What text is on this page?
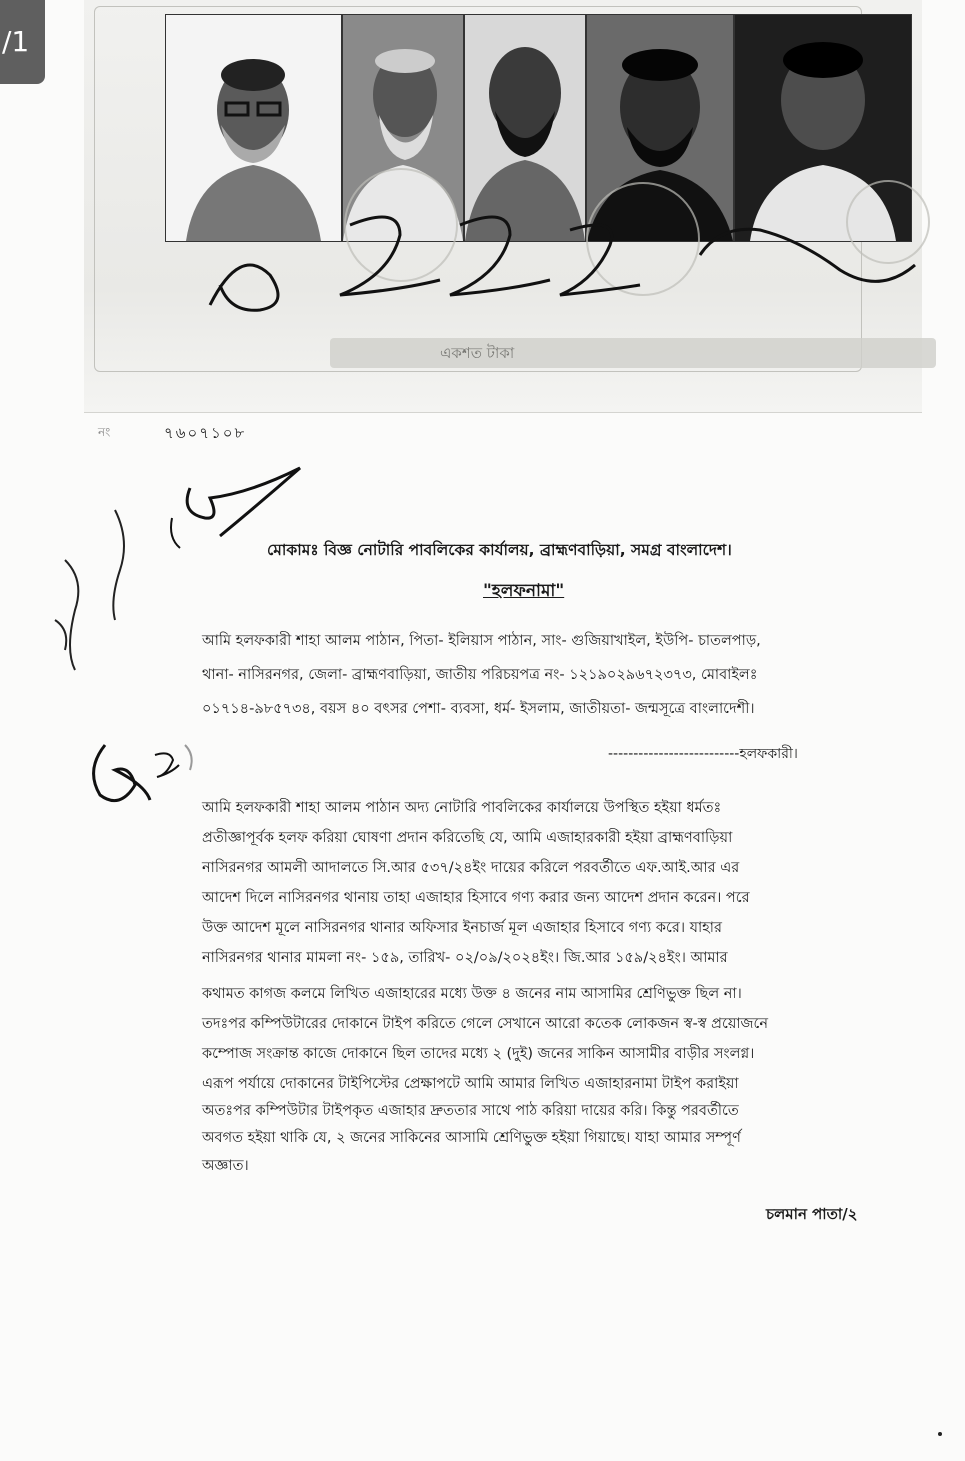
/1
একশত টাকা
নং	৭৬০৭১০৮
মোকামঃ বিজ্ঞ নোটারি পাবলিকের কার্যালয়, ব্রাহ্মণবাড়িয়া, সমগ্র বাংলাদেশ।
"হলফনামা"
আমি হলফকারী শাহা আলম পাঠান, পিতা- ইলিয়াস পাঠান, সাং- গুজিয়াখাইল, ইউপি- চাতলপাড়,
থানা- নাসিরনগর, জেলা- ব্রাহ্মণবাড়িয়া, জাতীয় পরিচয়পত্র নং- ১২১৯০২৯৬৭২৩৭৩, মোবাইলঃ
০১৭১৪-৯৮৫৭৩৪, বয়স ৪০ বৎসর পেশা- ব্যবসা, ধর্ম- ইসলাম, জাতীয়তা- জন্মসূত্রে বাংলাদেশী।
--------------------------হলফকারী।
আমি হলফকারী শাহা আলম পাঠান অদ্য নোটারি পাবলিকের কার্যালয়ে উপস্থিত হইয়া ধর্মতঃ
প্রতীজ্ঞাপূর্বক হলফ করিয়া ঘোষণা প্রদান করিতেছি যে, আমি এজাহারকারী হইয়া ব্রাহ্মণবাড়িয়া
নাসিরনগর আমলী আদালতে সি.আর ৫৩৭/২৪ইং দায়ের করিলে পরবর্তীতে এফ.আই.আর এর
আদেশ দিলে নাসিরনগর থানায় তাহা এজাহার হিসাবে গণ্য করার জন্য আদেশ প্রদান করেন। পরে
উক্ত আদেশ মূলে নাসিরনগর থানার অফিসার ইনচার্জ মূল এজাহার হিসাবে গণ্য করে। যাহার
নাসিরনগর থানার মামলা নং- ১৫৯, তারিখ- ০২/০৯/২০২৪ইং। জি.আর ১৫৯/২৪ইং। আমার
কথামত কাগজ কলমে লিখিত এজাহারের মধ্যে উক্ত ৪ জনের নাম আসামির শ্রেণিভুক্ত ছিল না।
তদঃপর কম্পিউটারের দোকানে টাইপ করিতে গেলে সেখানে আরো কতেক লোকজন স্ব-স্ব প্রয়োজনে
কম্পোজ সংক্রান্ত কাজে দোকানে ছিল তাদের মধ্যে ২ (দুই) জনের সাকিন আসামীর বাড়ীর সংলগ্ন।
এরূপ পর্যায়ে দোকানের টাইপিস্টের প্রেক্ষাপটে আমি আমার লিখিত এজাহারনামা টাইপ করাইয়া
অতঃপর কম্পিউটার টাইপকৃত এজাহার দ্রুততার সাথে পাঠ করিয়া দায়ের করি। কিন্তু পরবর্তীতে
অবগত হইয়া থাকি যে, ২ জনের সাকিনের আসামি শ্রেণিভুক্ত হইয়া গিয়াছে। যাহা আমার সম্পূর্ণ
অজ্ঞাত।
চলমান পাতা/২
